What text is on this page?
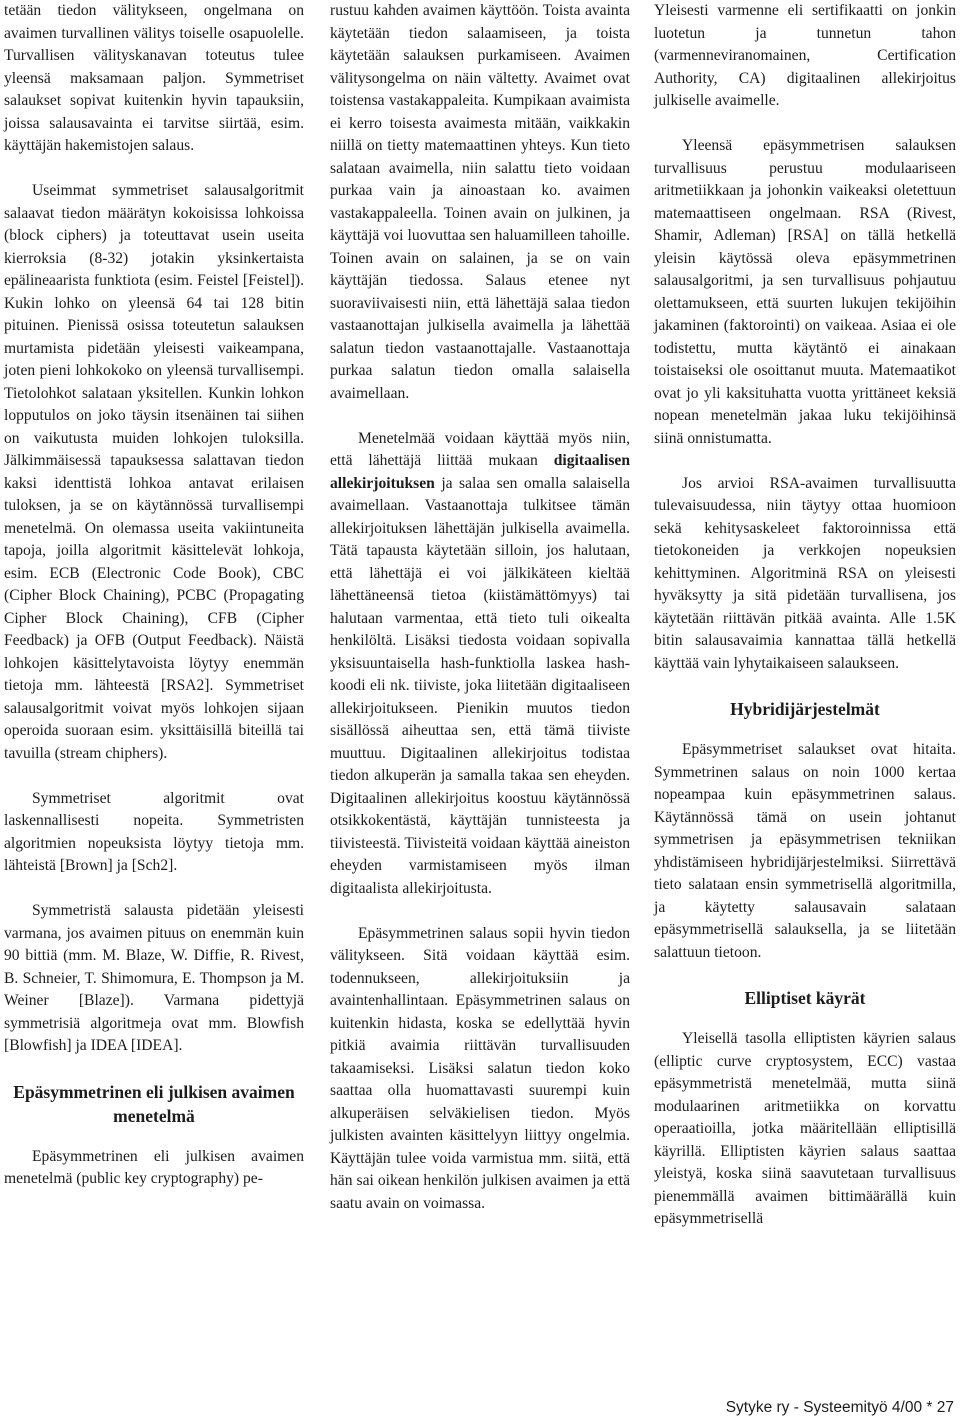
tetään tiedon välitykseen, ongelmana on avaimen turvallinen välitys toiselle osapuolelle. Turvallisen välityskanavan toteutus tulee yleensä maksamaan paljon. Symmetriset salaukset sopivat kuitenkin hyvin tapauksiin, joissa salausavainta ei tarvitse siirtää, esim. käyttäjän hakemistojen salaus.

Useimmat symmetriset salausalgoritmit salaavat tiedon määrätyn kokoisissa lohkoissa (block ciphers) ja toteuttavat usein useita kierroksia (8-32) jotakin yksinkertaista epälineaarista funktiota (esim. Feistel [Feistel]). Kukin lohko on yleensä 64 tai 128 bitin pituinen. Pienissä osissa toteutetun salauksen murtamista pidetään yleisesti vaikeampana, joten pieni lohkokoko on yleensä turvallisempi. Tietolohkot salataan yksitellen. Kunkin lohkon lopputulos on joko täysin itsenäinen tai siihen on vaikutusta muiden lohkojen tuloksilla. Jälkimmäisessä tapauksessa salattavan tiedon kaksi identtistä lohkoa antavat erilaisen tuloksen, ja se on käytännössä turvallisempi menetelmä. On olemassa useita vakiintuneita tapoja, joilla algoritmit käsittelevät lohkoja, esim. ECB (Electronic Code Book), CBC (Cipher Block Chaining), PCBC (Propagating Cipher Block Chaining), CFB (Cipher Feedback) ja OFB (Output Feedback). Näistä lohkojen käsittelytavoista löytyy enemmän tietoja mm. lähteestä [RSA2]. Symmetriset salausalgoritmit voivat myös lohkojen sijaan operoida suoraan esim. yksittäisillä biteillä tai tavuilla (stream chiphers).

Symmetriset algoritmit ovat laskennallisesti nopeita. Symmetristen algoritmien nopeuksista löytyy tietoja mm. lähteistä [Brown] ja [Sch2].

Symmetristä salausta pidetään yleisesti varmana, jos avaimen pituus on enemmän kuin 90 bittiä (mm. M. Blaze, W. Diffie, R. Rivest, B. Schneier, T. Shimomura, E. Thompson ja M. Weiner [Blaze]). Varmana pidettyjä symmetrisiä algoritmeja ovat mm. Blowfish [Blowfish] ja IDEA [IDEA].

Epäsymmetrinen eli julkisen avaimen menetelmä

Epäsymmetrinen eli julkisen avaimen menetelmä (public key cryptography) pe-

rustuu kahden avaimen käyttöön. Toista avainta käytetään tiedon salaamiseen, ja toista käytetään salauksen purkamiseen. Avaimen välitysongelma on näin vältetty. Avaimet ovat toistensa vastakappaleita. Kumpikaan avaimista ei kerro toisesta avaimesta mitään, vaikkakin niillä on tietty matemaattinen yhteys. Kun tieto salataan avaimella, niin salattu tieto voidaan purkaa vain ja ainoastaan ko. avaimen vastakappaleella. Toinen avain on julkinen, ja käyttäjä voi luovuttaa sen haluamilleen tahoille. Toinen avain on salainen, ja se on vain käyttäjän tiedossa. Salaus etenee nyt suoraviivaisesti niin, että lähettäjä salaa tiedon vastaanottajan julkisella avaimella ja lähettää salatun tiedon vastaanottajalle. Vastaanottaja purkaa salatun tiedon omalla salaisella avaimellaan.

Menetelmää voidaan käyttää myös niin, että lähettäjä liittää mukaan digitaalisen allekirjoituksen ja salaa sen omalla salaisella avaimellaan. Vastaanottaja tulkitsee tämän allekirjoituksen lähettäjän julkisella avaimella. Tätä tapausta käytetään silloin, jos halutaan, että lähettäjä ei voi jälkikäteen kieltää lähettäneensä tietoa (kiistämättömyys) tai halutaan varmentaa, että tieto tuli oikealta henkilöltä. Lisäksi tiedosta voidaan sopivalla yksisuuntaisella hash-funktiolla laskea hash-koodi eli nk. tiiviste, joka liitetään digitaaliseen allekirjoitukseen. Pienikin muutos tiedon sisällössä aiheuttaa sen, että tämä tiiviste muuttuu. Digitaalinen allekirjoitus todistaa tiedon alkuperän ja samalla takaa sen eheyden. Digitaalinen allekirjoitus koostuu käytännössä otsikkokentästä, käyttäjän tunnisteesta ja tiivisteestä. Tiivisteitä voidaan käyttää aineiston eheyden varmistamiseen myös ilman digitaalista allekirjoitusta.

Epäsymmetrinen salaus sopii hyvin tiedon välitykseen. Sitä voidaan käyttää esim. todennukseen, allekirjoituksiin ja avaintenhallintaan. Epäsymmetrinen salaus on kuitenkin hidasta, koska se edellyttää hyvin pitkiä avaimia riittävän turvallisuuden takaamiseksi. Lisäksi salatun tiedon koko saattaa olla huomattavasti suurempi kuin alkuperäisen selväkielisen tiedon. Myös julkisten avainten käsittelyyn liittyy ongelmia. Käyttäjän tulee voida varmistua mm. siitä, että hän sai oikean henkilön julkisen avaimen ja että saatu avain on voimassa.

Yleisesti varmenne eli sertifikaatti on jonkin luotetun ja tunnetun tahon (varmenneviranomainen, Certification Authority, CA) digitaalinen allekirjoitus julkiselle avaimelle.

Yleensä epäsymmetrisen salauksen turvallisuus perustuu modulaariseen aritmetiikkaan ja johonkin vaikeaksi oletettuun matemaattiseen ongelmaan. RSA (Rivest, Shamir, Adleman) [RSA] on tällä hetkellä yleisin käytössä oleva epäsymmetrinen salausalgoritmi, ja sen turvallisuus pohjautuu olettamukseen, että suurten lukujen tekijöihin jakaminen (faktorointi) on vaikeaa. Asiaa ei ole todistettu, mutta käytäntö ei ainakaan toistaiseksi ole osoittanut muuta. Matemaatikot ovat jo yli kaksituhatta vuotta yrittäneet keksiä nopean menetelmän jakaa luku tekijöihinsä siinä onnistumatta.

Jos arvioi RSA-avaimen turvallisuutta tulevaisuudessa, niin täytyy ottaa huomioon sekä kehitysaskeleet faktoroinnissa että tietokoneiden ja verkkojen nopeuksien kehittyminen. Algoritminä RSA on yleisesti hyväksytty ja sitä pidetään turvallisena, jos käytetään riittävän pitkää avainta. Alle 1.5K bitin salausavaimia kannattaa tällä hetkellä käyttää vain lyhytaikaiseen salaukseen.

Hybridijärjestelmät

Epäsymmetriset salaukset ovat hitaita. Symmetrinen salaus on noin 1000 kertaa nopeampaa kuin epäsymmetrinen salaus. Käytännössä tämä on usein johtanut symmetrisen ja epäsymmetrisen tekniikan yhdistämiseen hybridijärjestelmiksi. Siirrettävä tieto salataan ensin symmetrisellä algoritmilla, ja käytetty salausavain salataan epäsymmetrisellä salauksella, ja se liitetään salattuun tietoon.

Elliptiset käyrät

Yleisellä tasolla elliptisten käyrien salaus (elliptic curve cryptosystem, ECC) vastaa epäsymmetristä menetelmää, mutta siinä modulaarinen aritmetiikka on korvattu operaatioilla, jotka määritellään elliptisillä käyrillä. Elliptisten käyrien salaus saattaa yleistyä, koska siinä saavutetaan turvallisuus pienemmällä avaimen bittimäärällä kuin epäsymmetrisellä

Sytyke ry - Systeemityö 4/00 * 27
